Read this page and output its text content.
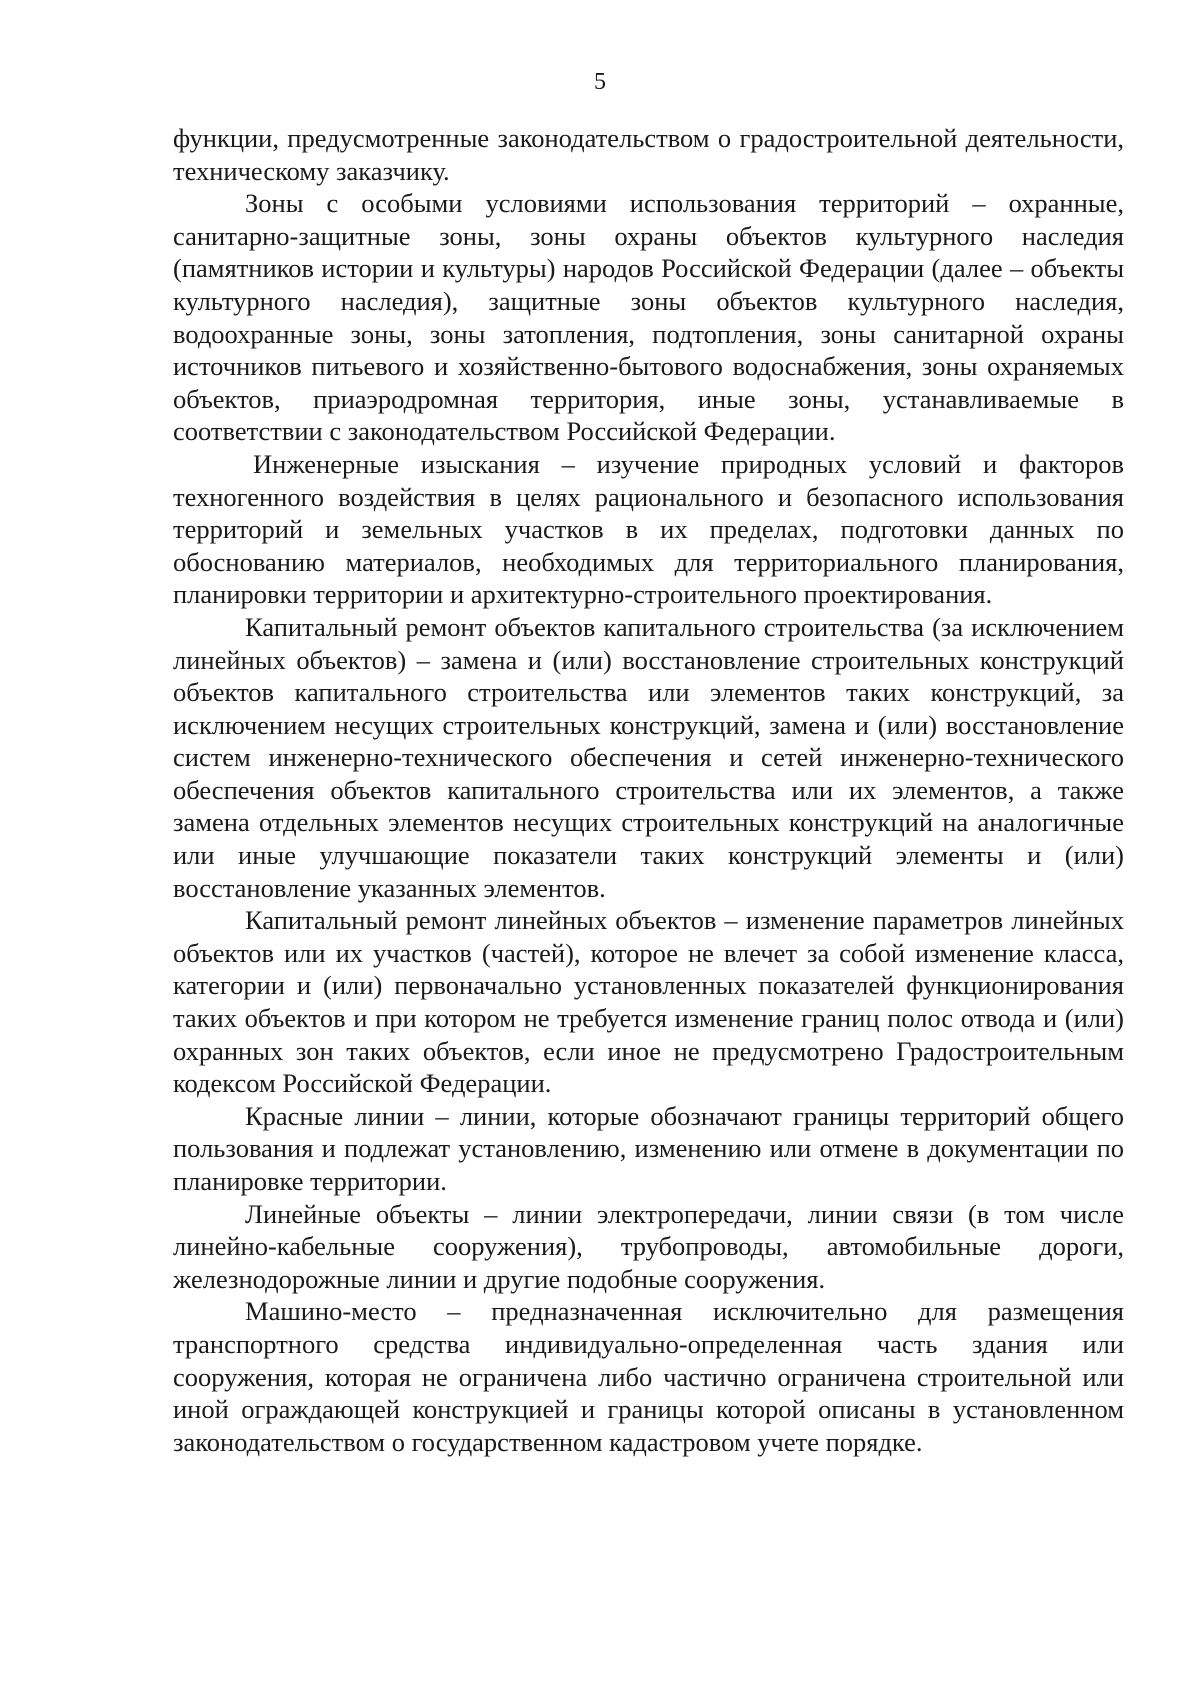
5

функции, предусмотренные законодательством о градостроительной деятельности, техническому заказчику.

Зоны с особыми условиями использования территорий – охранные, санитарно-защитные зоны, зоны охраны объектов культурного наследия (памятников истории и культуры) народов Российской Федерации (далее – объекты культурного наследия), защитные зоны объектов культурного наследия, водоохранные зоны, зоны затопления, подтопления, зоны санитарной охраны источников питьевого и хозяйственно-бытового водоснабжения, зоны охраняемых объектов, приаэродромная территория, иные зоны, устанавливаемые в соответствии с законодательством Российской Федерации.

Инженерные изыскания – изучение природных условий и факторов техногенного воздействия в целях рационального и безопасного использования территорий и земельных участков в их пределах, подготовки данных по обоснованию материалов, необходимых для территориального планирования, планировки территории и архитектурно-строительного проектирования.

Капитальный ремонт объектов капитального строительства (за исключением линейных объектов) – замена и (или) восстановление строительных конструкций объектов капитального строительства или элементов таких конструкций, за исключением несущих строительных конструкций, замена и (или) восстановление систем инженерно-технического обеспечения и сетей инженерно-технического обеспечения объектов капитального строительства или их элементов, а также замена отдельных элементов несущих строительных конструкций на аналогичные или иные улучшающие показатели таких конструкций элементы и (или) восстановление указанных элементов.

Капитальный ремонт линейных объектов – изменение параметров линейных объектов или их участков (частей), которое не влечет за собой изменение класса, категории и (или) первоначально установленных показателей функционирования таких объектов и при котором не требуется изменение границ полос отвода и (или) охранных зон таких объектов, если иное не предусмотрено Градостроительным кодексом Российской Федерации.

Красные линии – линии, которые обозначают границы территорий общего пользования и подлежат установлению, изменению или отмене в документации по планировке территории.

Линейные объекты – линии электропередачи, линии связи (в том числе линейно-кабельные сооружения), трубопроводы, автомобильные дороги, железнодорожные линии и другие подобные сооружения.

Машино-место – предназначенная исключительно для размещения транспортного средства индивидуально-определенная часть здания или сооружения, которая не ограничена либо частично ограничена строительной или иной ограждающей конструкцией и границы которой описаны в установленном законодательством о государственном кадастровом учете порядке.
